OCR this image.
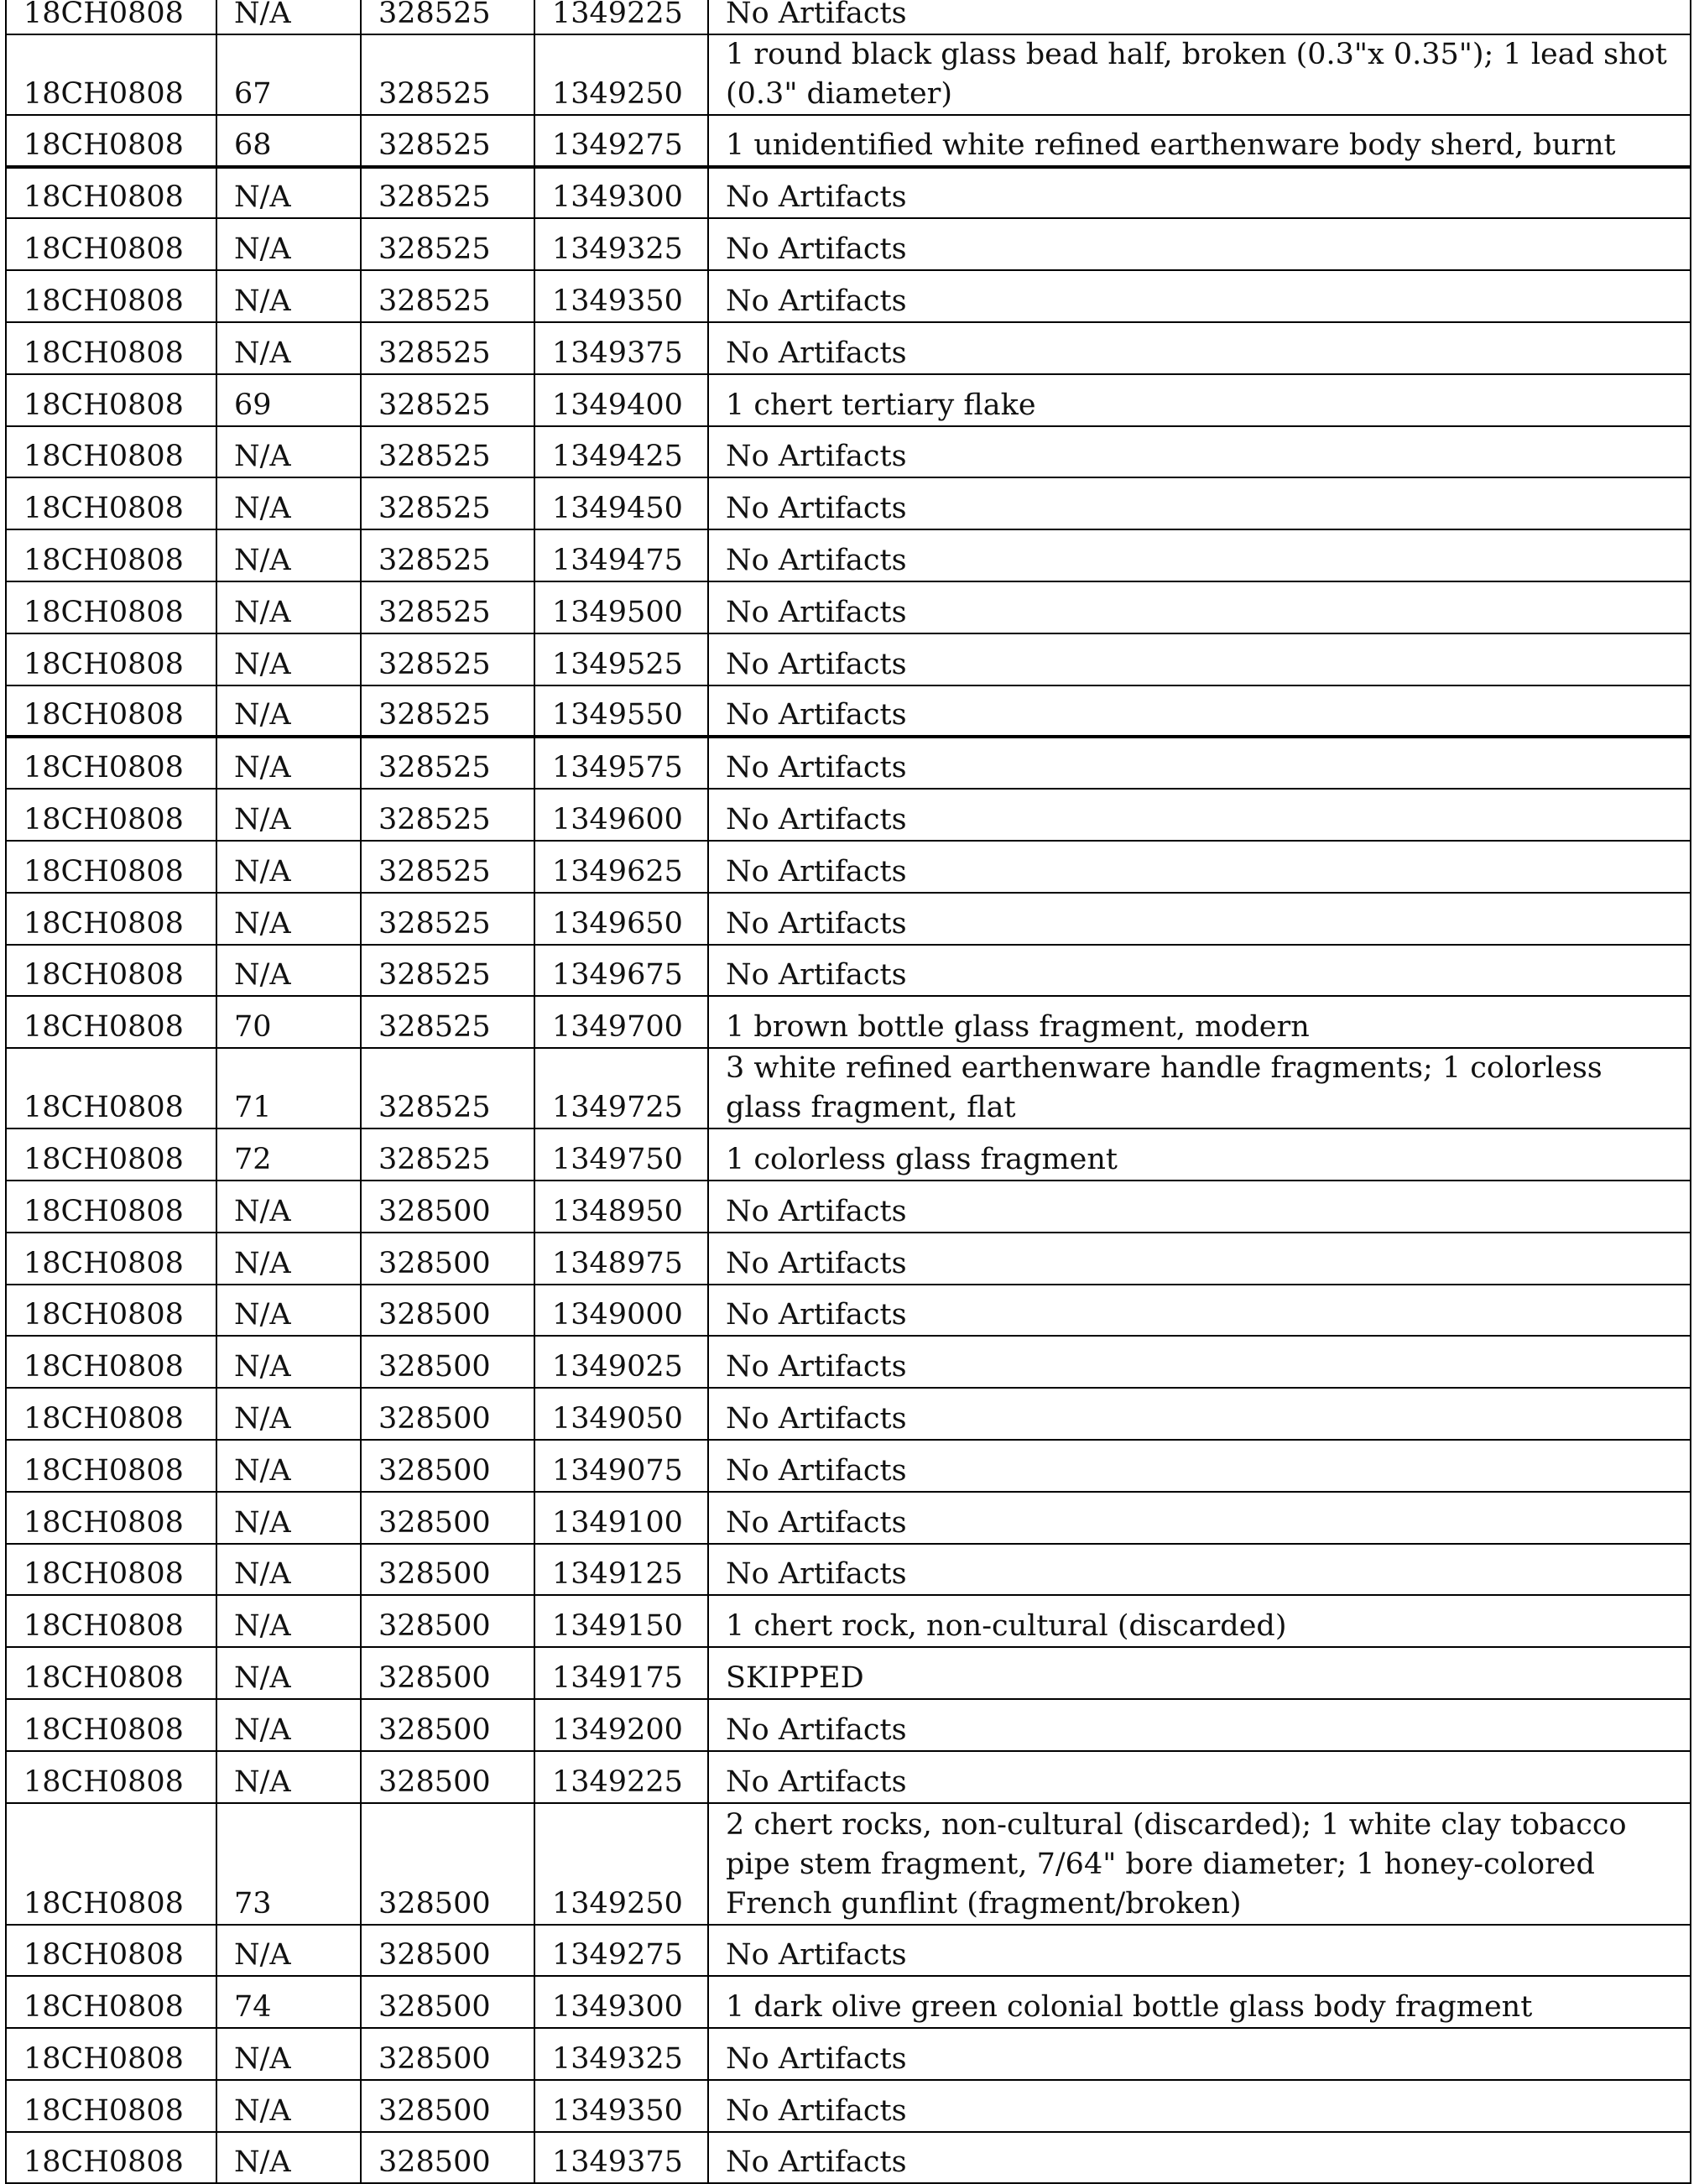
18CH0808	N/A	328525	1349225	No Artifacts
18CH0808	67	328525	1349250	1 round black glass bead half, broken (0.3"x 0.35"); 1 lead shot (0.3" diameter)
18CH0808	68	328525	1349275	1 unidentified white refined earthenware body sherd, burnt
18CH0808	N/A	328525	1349300	No Artifacts
18CH0808	N/A	328525	1349325	No Artifacts
18CH0808	N/A	328525	1349350	No Artifacts
18CH0808	N/A	328525	1349375	No Artifacts
18CH0808	69	328525	1349400	1 chert tertiary flake
18CH0808	N/A	328525	1349425	No Artifacts
18CH0808	N/A	328525	1349450	No Artifacts
18CH0808	N/A	328525	1349475	No Artifacts
18CH0808	N/A	328525	1349500	No Artifacts
18CH0808	N/A	328525	1349525	No Artifacts
18CH0808	N/A	328525	1349550	No Artifacts
18CH0808	N/A	328525	1349575	No Artifacts
18CH0808	N/A	328525	1349600	No Artifacts
18CH0808	N/A	328525	1349625	No Artifacts
18CH0808	N/A	328525	1349650	No Artifacts
18CH0808	N/A	328525	1349675	No Artifacts
18CH0808	70	328525	1349700	1 brown bottle glass fragment, modern
18CH0808	71	328525	1349725	3 white refined earthenware handle fragments; 1 colorless glass fragment, flat
18CH0808	72	328525	1349750	1 colorless glass fragment
18CH0808	N/A	328500	1348950	No Artifacts
18CH0808	N/A	328500	1348975	No Artifacts
18CH0808	N/A	328500	1349000	No Artifacts
18CH0808	N/A	328500	1349025	No Artifacts
18CH0808	N/A	328500	1349050	No Artifacts
18CH0808	N/A	328500	1349075	No Artifacts
18CH0808	N/A	328500	1349100	No Artifacts
18CH0808	N/A	328500	1349125	No Artifacts
18CH0808	N/A	328500	1349150	1 chert rock, non-cultural (discarded)
18CH0808	N/A	328500	1349175	SKIPPED
18CH0808	N/A	328500	1349200	No Artifacts
18CH0808	N/A	328500	1349225	No Artifacts
18CH0808	73	328500	1349250	2 chert rocks, non-cultural (discarded); 1 white clay tobacco pipe stem fragment, 7/64" bore diameter; 1 honey-colored French gunflint (fragment/broken)
18CH0808	N/A	328500	1349275	No Artifacts
18CH0808	74	328500	1349300	1 dark olive green colonial bottle glass body fragment
18CH0808	N/A	328500	1349325	No Artifacts
18CH0808	N/A	328500	1349350	No Artifacts
18CH0808	N/A	328500	1349375	No Artifacts
